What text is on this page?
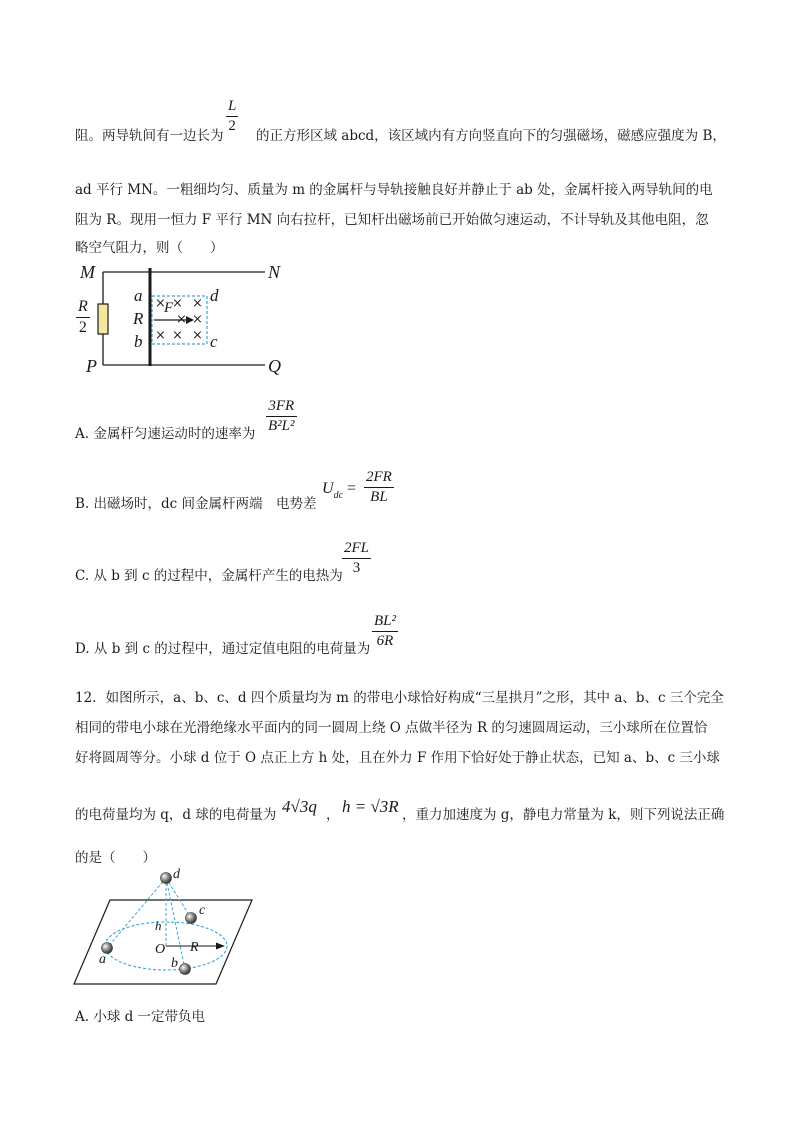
阻。两导轨间有一边长为
L
2
的正方形区域 abcd，该区域内有方向竖直向下的匀强磁场，磁感应强度为 B，
ad 平行 MN。一粗细均匀、质量为 m 的金属杆与导轨接触良好并静止于 ab 处，金属杆接入两导轨间的电
阻为 R。现用一恒力 F 平行 MN 向右拉杆，已知杆出磁场前已开始做匀速运动，不计导轨及其他电阻，忽
略空气阻力，则（　　）
M	N
P	Q
R
2
a
R
b
d
c
F
× × ×
× ×
× × ×
A. 金属杆匀速运动时的速率为
3FR
B²L²
B. 出磁场时，dc 间金属杆两端　电势差
$U_{dc}$ =
2FR
BL
C. 从 b 到 c 的过程中，金属杆产生的电热为
2FL
3
D. 从 b 到 c 的过程中，通过定值电阻的电荷量为
BL²
6R
12．如图所示，a、b、c、d 四个质量均为 m 的带电小球恰好构成“三星拱月”之形，其中 a、b、c 三个完全
相同的带电小球在光滑绝缘水平面内的同一圆周上绕 O 点做半径为 R 的匀速圆周运动，三小球所在位置恰
好将圆周等分。小球 d 位于 O 点正上方 h 处，且在外力 F 作用下恰好处于静止状态，已知 a、b、c 三小球
的电荷量均为 q，d 球的电荷量为 4√3q ， h = √3R ，重力加速度为 g，静电力常量为 k，则下列说法正确
的是（　　）
d
c
h
O R
a	b
A. 小球 d 一定带负电
